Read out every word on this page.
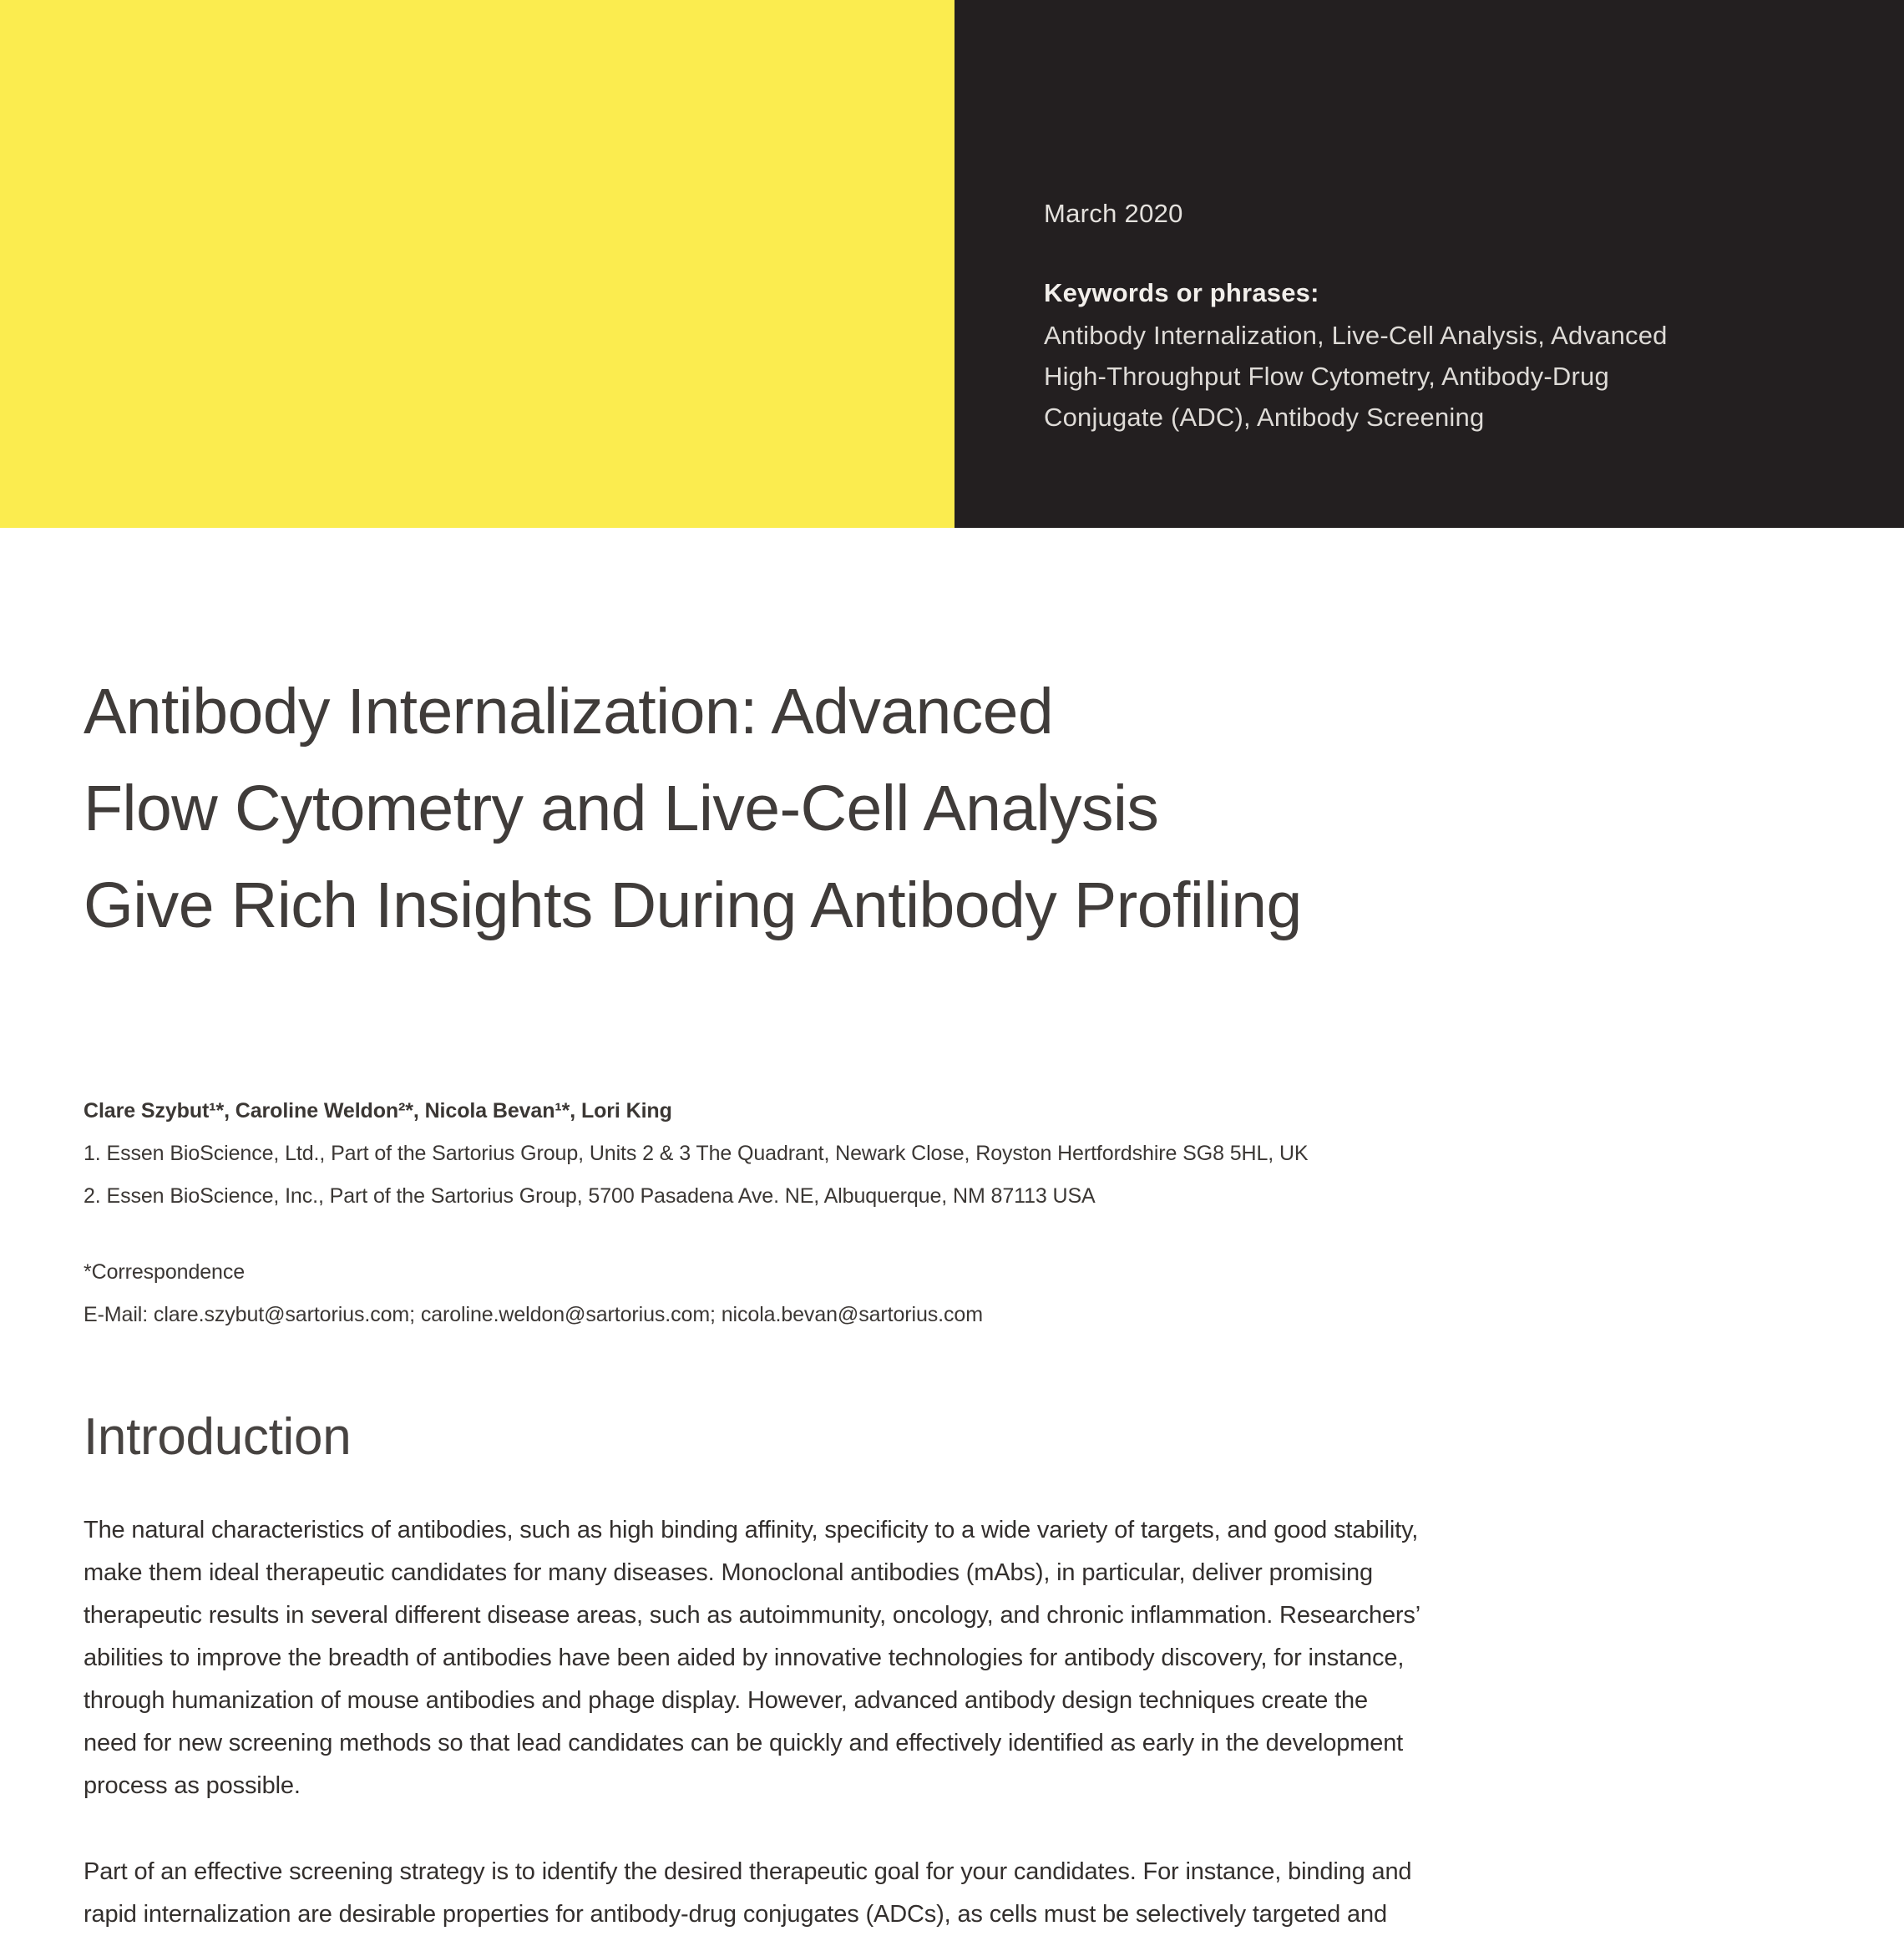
March 2020
Keywords or phrases:
Antibody Internalization, Live-Cell Analysis, Advanced
High-Throughput Flow Cytometry, Antibody-Drug
Conjugate (ADC), Antibody Screening
Antibody Internalization: Advanced
Flow Cytometry and Live-Cell Analysis
Give Rich Insights During Antibody Profiling
Clare Szybut¹*, Caroline Weldon²*, Nicola Bevan¹*, Lori King
1. Essen BioScience, Ltd., Part of the Sartorius Group, Units 2 & 3 The Quadrant, Newark Close, Royston Hertfordshire SG8 5HL, UK
2. Essen BioScience, Inc., Part of the Sartorius Group, 5700 Pasadena Ave. NE, Albuquerque, NM 87113 USA
*Correspondence
E-Mail: clare.szybut@sartorius.com; caroline.weldon@sartorius.com; nicola.bevan@sartorius.com
Introduction
The natural characteristics of antibodies, such as high binding affinity, specificity to a wide variety of targets, and good stability,
make them ideal therapeutic candidates for many diseases. Monoclonal antibodies (mAbs), in particular, deliver promising
therapeutic results in several different disease areas, such as autoimmunity, oncology, and chronic inflammation. Researchers’
abilities to improve the breadth of antibodies have been aided by innovative technologies for antibody discovery, for instance,
through humanization of mouse antibodies and phage display. However, advanced antibody design techniques create the
need for new screening methods so that lead candidates can be quickly and effectively identified as early in the development
process as possible.
Part of an effective screening strategy is to identify the desired therapeutic goal for your candidates. For instance, binding and
rapid internalization are desirable properties for antibody-drug conjugates (ADCs), as cells must be selectively targeted and
